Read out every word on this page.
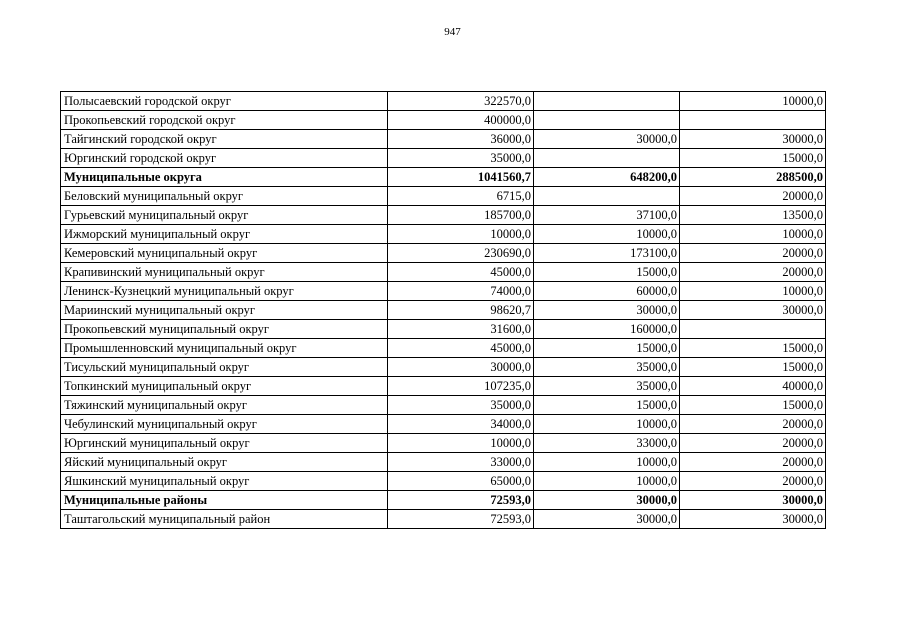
947
Полысаевский городской округ	322570,0		10000,0
Прокопьевский городской округ	400000,0		
Тайгинский городской округ	36000,0	30000,0	30000,0
Юргинский городской округ	35000,0		15000,0
Муниципальные округа	1041560,7	648200,0	288500,0
Беловский муниципальный округ	6715,0		20000,0
Гурьевский муниципальный округ	185700,0	37100,0	13500,0
Ижморский муниципальный округ	10000,0	10000,0	10000,0
Кемеровский муниципальный округ	230690,0	173100,0	20000,0
Крапивинский муниципальный округ	45000,0	15000,0	20000,0
Ленинск-Кузнецкий муниципальный округ	74000,0	60000,0	10000,0
Мариинский муниципальный округ	98620,7	30000,0	30000,0
Прокопьевский муниципальный округ	31600,0	160000,0	
Промышленновский муниципальный округ	45000,0	15000,0	15000,0
Тисульский муниципальный округ	30000,0	35000,0	15000,0
Топкинский муниципальный округ	107235,0	35000,0	40000,0
Тяжинский муниципальный округ	35000,0	15000,0	15000,0
Чебулинский муниципальный округ	34000,0	10000,0	20000,0
Юргинский муниципальный округ	10000,0	33000,0	20000,0
Яйский муниципальный округ	33000,0	10000,0	20000,0
Яшкинский муниципальный округ	65000,0	10000,0	20000,0
Муниципальные районы	72593,0	30000,0	30000,0
Таштагольский муниципальный район	72593,0	30000,0	30000,0
